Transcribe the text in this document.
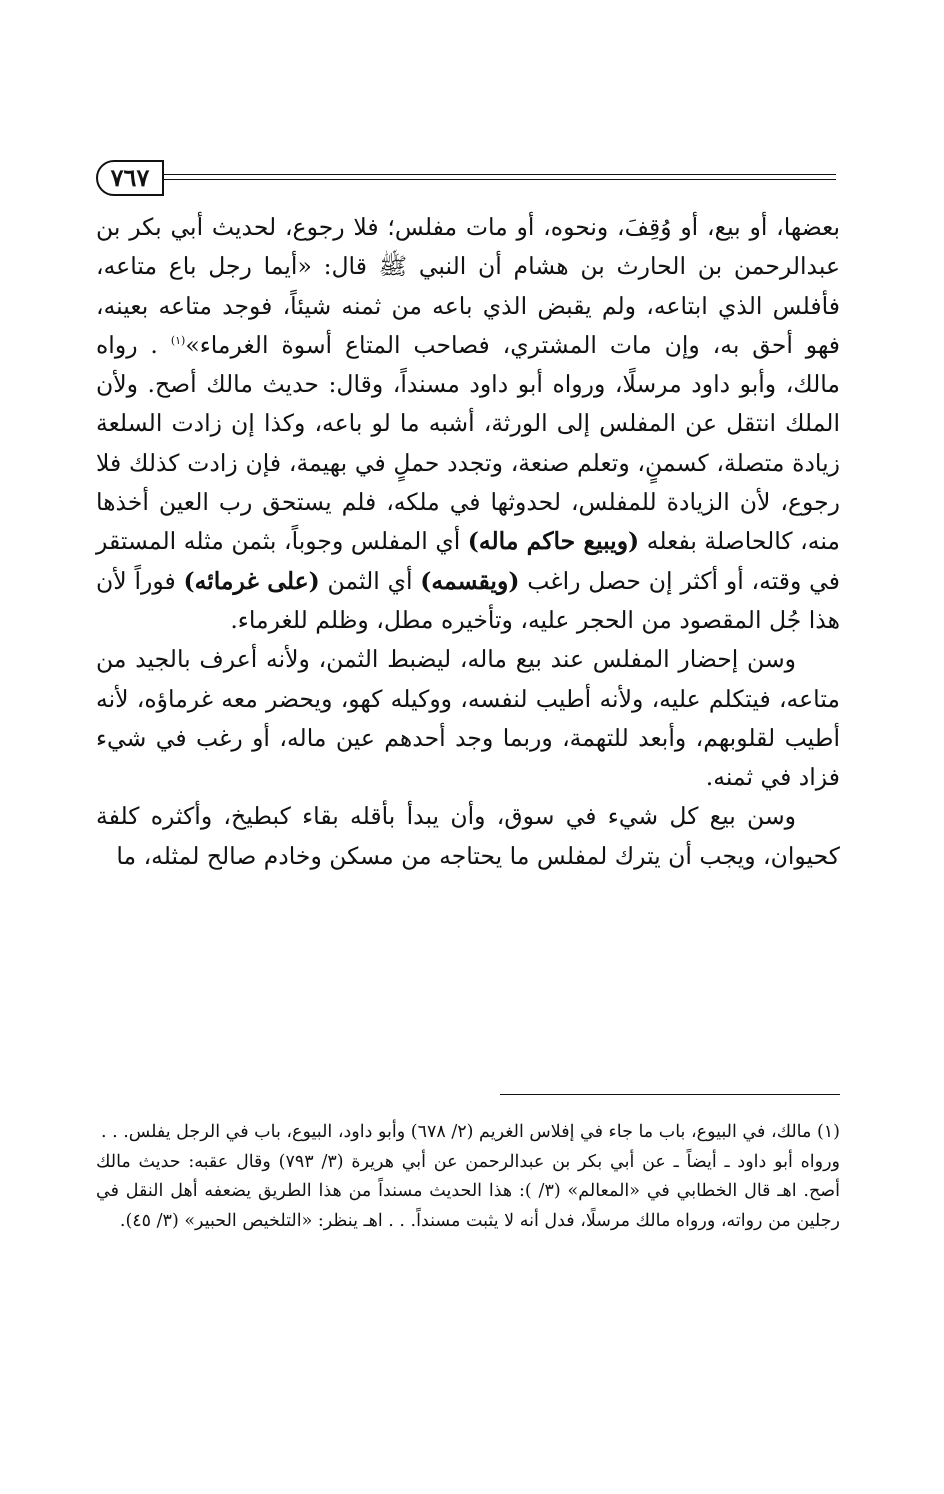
٧٦٧

بعضها، أو بيع، أو وُقِفَ، ونحوه، أو مات مفلس؛ فلا رجوع، لحديث أبي بكر بن عبدالرحمن بن الحارث بن هشام أن النبي ﷺ قال: «أيما رجل باع متاعه، فأفلس الذي ابتاعه، ولم يقبض الذي باعه من ثمنه شيئاً، فوجد متاعه بعينه، فهو أحق به، وإن مات المشتري، فصاحب المتاع أسوة الغرماء»$^{(١)}$ . رواه مالك، وأبو داود مرسلًا، ورواه أبو داود مسنداً، وقال: حديث مالك أصح. ولأن الملك انتقل عن المفلس إلى الورثة، أشبه ما لو باعه، وكذا إن زادت السلعة زيادة متصلة، كسمنٍ، وتعلم صنعة، وتجدد حملٍ في بهيمة، فإن زادت كذلك فلا رجوع، لأن الزيادة للمفلس، لحدوثها في ملكه، فلم يستحق رب العين أخذها منه، كالحاصلة بفعله (ويبيع حاكم ماله) أي المفلس وجوباً، بثمن مثله المستقر في وقته، أو أكثر إن حصل راغب (ويقسمه) أي الثمن (على غرمائه) فوراً لأن هذا جُل المقصود من الحجر عليه، وتأخيره مطل، وظلم للغرماء.

وسن إحضار المفلس عند بيع ماله، ليضبط الثمن، ولأنه أعرف بالجيد من متاعه، فيتكلم عليه، ولأنه أطيب لنفسه، ووكيله كهو، ويحضر معه غرماؤه، لأنه أطيب لقلوبهم، وأبعد للتهمة، وربما وجد أحدهم عين ماله، أو رغب في شيء فزاد في ثمنه.

وسن بيع كل شيء في سوق، وأن يبدأ بأقله بقاء كبطيخ، وأكثره كلفة كحيوان، ويجب أن يترك لمفلس ما يحتاجه من مسكن وخادم صالح لمثله، ما

(١) مالك، في البيوع، باب ما جاء في إفلاس الغريم (٢/ ٦٧٨) وأبو داود، البيوع، باب في الرجل يفلس. . .

ورواه أبو داود ـ أيضاً ـ عن أبي بكر بن عبدالرحمن عن أبي هريرة (٣/ ٧٩٣) وقال عقبه: حديث مالك أصح. اهـ قال الخطابي في «المعالم» (٣/ ): هذا الحديث مسنداً من هذا الطريق يضعفه أهل النقل في رجلين من رواته، ورواه مالك مرسلًا، فدل أنه لا يثبت مسنداً. . . اهـ ينظر: «التلخيص الحبير» (٣/ ٤٥).
